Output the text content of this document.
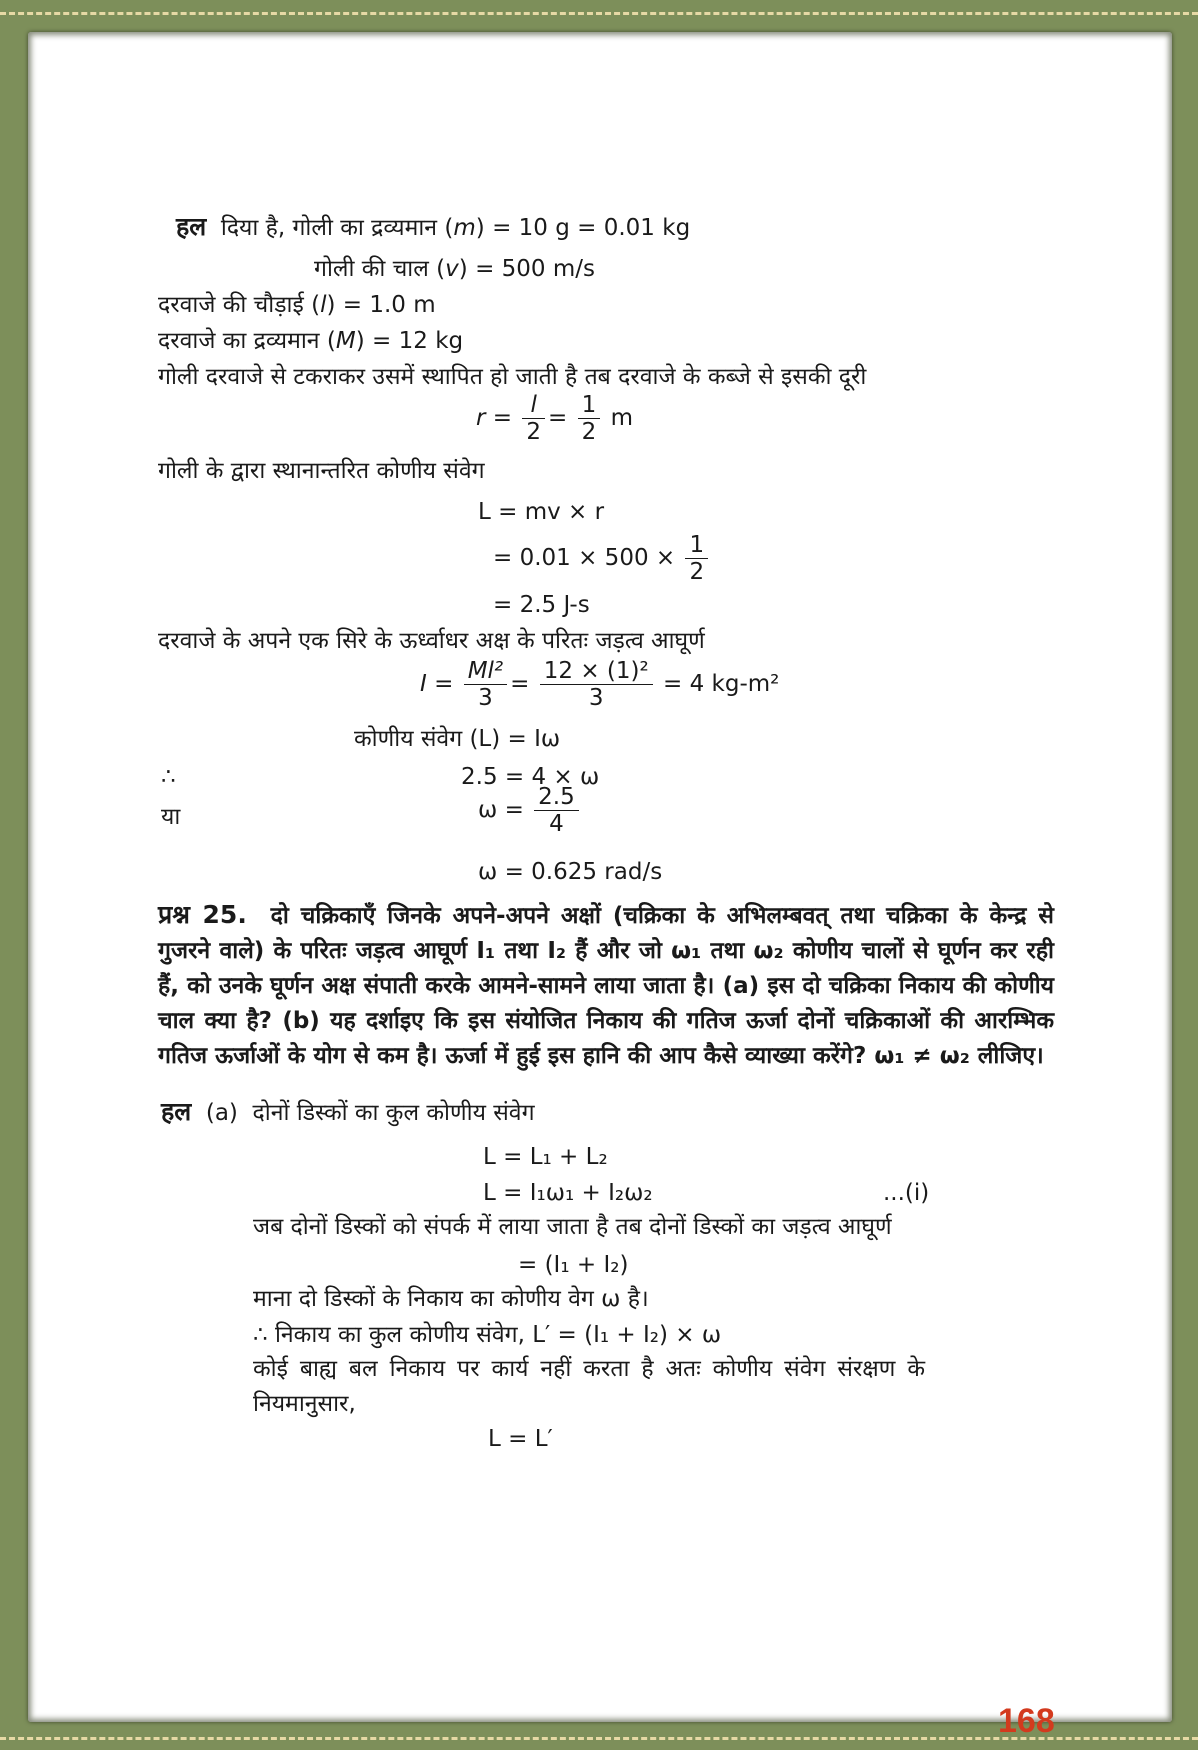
हल दिया है, गोली का द्रव्यमान (m) = 10 g = 0.01 kg
गोली की चाल (v) = 500 m/s
दरवाजे की चौड़ाई (l) = 1.0 m
दरवाजे का द्रव्यमान (M) = 12 kg
गोली दरवाजे से टकराकर उसमें स्थापित हो जाती है तब दरवाजे के कब्जे से इसकी दूरी
$r = \frac{l}{2} = \frac{1}{2}$ m
गोली के द्वारा स्थानान्तरित कोणीय संवेग
L = mv × r
= $0.01 \times 500 \times \frac{1}{2}$
= 2.5 J-s
दरवाजे के अपने एक सिरे के ऊर्ध्वाधर अक्ष के परितः जड़त्व आघूर्ण
$I = \frac{\text{Ml²}}{3} = \frac{\text{12 × (1)²}}{3} = 4$ kg-m²
कोणीय संवेग (L) = Iω
∴	2.5 = 4 × ω
या	$\omega = \frac{2.5}{4}$
ω = 0.625 rad/s
प्रश्न 25. दो चक्रिकाएँ जिनके अपने-अपने अक्षों (चक्रिका के अभिलम्बवत् तथा चक्रिका के केन्द्र से गुजरने वाले) के परितः जड़त्व आघूर्ण I₁ तथा I₂ हैं और जो ω₁ तथा ω₂ कोणीय चालों से घूर्णन कर रही हैं, को उनके घूर्णन अक्ष संपाती करके आमने-सामने लाया जाता है। (a) इस दो चक्रिका निकाय की कोणीय चाल क्या है? (b) यह दर्शाइए कि इस संयोजित निकाय की गतिज ऊर्जा दोनों चक्रिकाओं की आरम्भिक गतिज ऊर्जाओं के योग से कम है। ऊर्जा में हुई इस हानि की आप कैसे व्याख्या करेंगे? ω₁ ≠ ω₂ लीजिए।
हल (a) दोनों डिस्कों का कुल कोणीय संवेग
L = L₁ + L₂
L = I₁ω₁ + I₂ω₂	...(i)
जब दोनों डिस्कों को संपर्क में लाया जाता है तब दोनों डिस्कों का जड़त्व आघूर्ण
= (I₁ + I₂)
माना दो डिस्कों के निकाय का कोणीय वेग ω है।
∴ निकाय का कुल कोणीय संवेग, L′ = (I₁ + I₂) × ω
कोई बाह्य बल निकाय पर कार्य नहीं करता है अतः कोणीय संवेग संरक्षण के नियमानुसार,
L = L′
168
